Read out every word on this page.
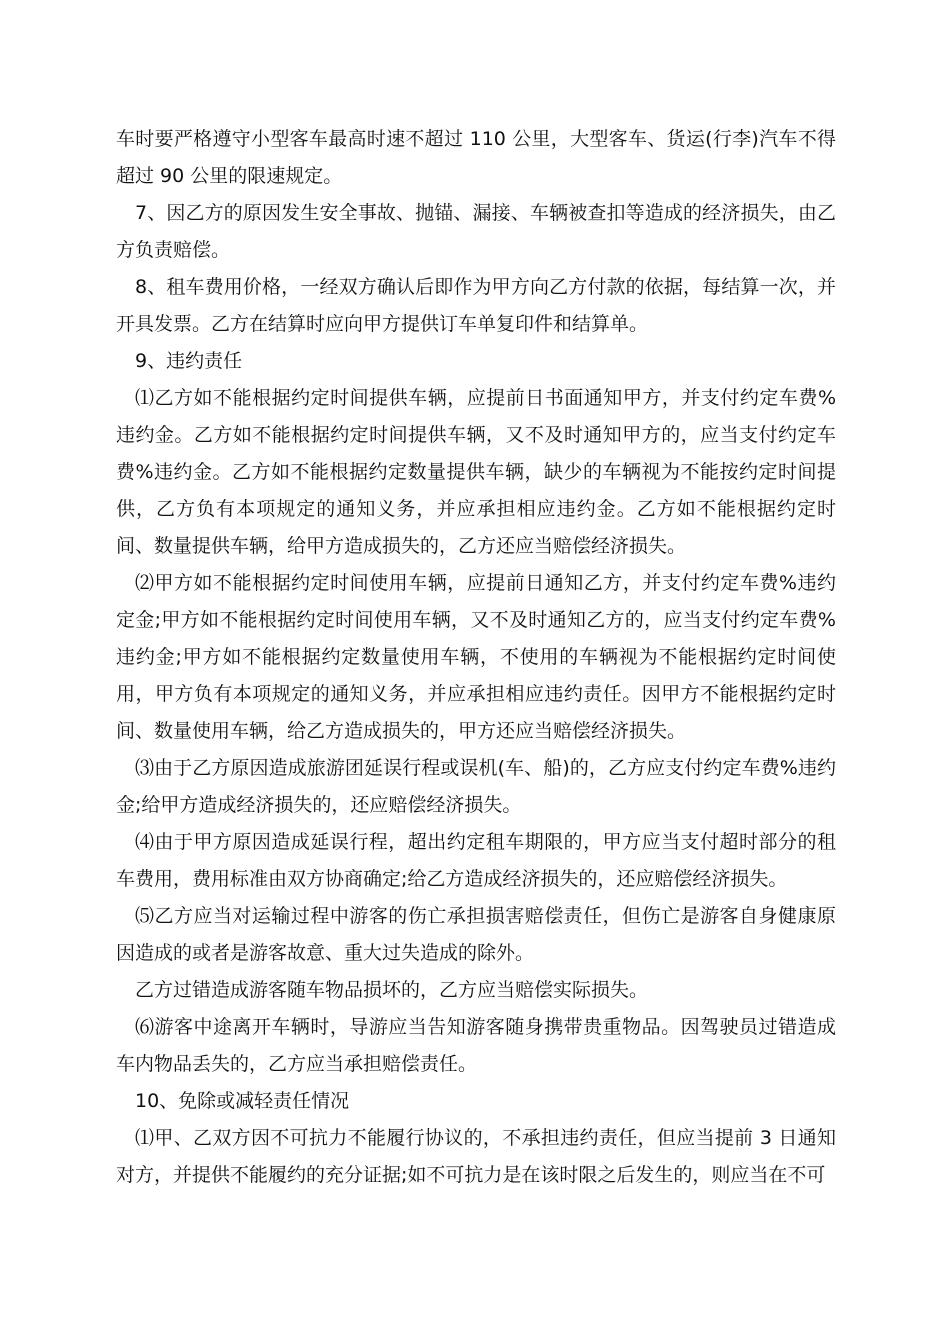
车时要严格遵守小型客车最高时速不超过 110 公里，大型客车、货运(行李)汽车不得超过 90 公里的限速规定。

7、因乙方的原因发生安全事故、抛锚、漏接、车辆被查扣等造成的经济损失，由乙方负责赔偿。

8、租车费用价格，一经双方确认后即作为甲方向乙方付款的依据，每结算一次，并开具发票。乙方在结算时应向甲方提供订车单复印件和结算单。

9、违约责任

⑴乙方如不能根据约定时间提供车辆，应提前日书面通知甲方，并支付约定车费%违约金。乙方如不能根据约定时间提供车辆，又不及时通知甲方的，应当支付约定车费%违约金。乙方如不能根据约定数量提供车辆，缺少的车辆视为不能按约定时间提供，乙方负有本项规定的通知义务，并应承担相应违约金。乙方如不能根据约定时间、数量提供车辆，给甲方造成损失的，乙方还应当赔偿经济损失。

⑵甲方如不能根据约定时间使用车辆，应提前日通知乙方，并支付约定车费%违约定金;甲方如不能根据约定时间使用车辆，又不及时通知乙方的，应当支付约定车费%违约金;甲方如不能根据约定数量使用车辆，不使用的车辆视为不能根据约定时间使用，甲方负有本项规定的通知义务，并应承担相应违约责任。因甲方不能根据约定时间、数量使用车辆，给乙方造成损失的，甲方还应当赔偿经济损失。

⑶由于乙方原因造成旅游团延误行程或误机(车、船)的，乙方应支付约定车费%违约金;给甲方造成经济损失的，还应赔偿经济损失。

⑷由于甲方原因造成延误行程，超出约定租车期限的，甲方应当支付超时部分的租车费用，费用标准由双方协商确定;给乙方造成经济损失的，还应赔偿经济损失。

⑸乙方应当对运输过程中游客的伤亡承担损害赔偿责任，但伤亡是游客自身健康原因造成的或者是游客故意、重大过失造成的除外。

乙方过错造成游客随车物品损坏的，乙方应当赔偿实际损失。

⑹游客中途离开车辆时，导游应当告知游客随身携带贵重物品。因驾驶员过错造成车内物品丢失的，乙方应当承担赔偿责任。

10、免除或减轻责任情况

⑴甲、乙双方因不可抗力不能履行协议的，不承担违约责任，但应当提前 3 日通知对方，并提供不能履约的充分证据;如不可抗力是在该时限之后发生的，则应当在不可
